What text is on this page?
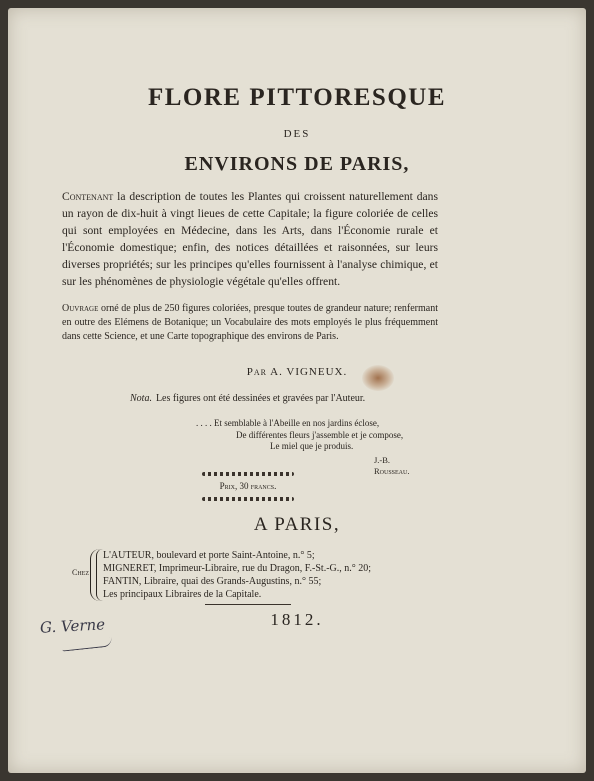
FLORE PITTORESQUE
DES
ENVIRONS DE PARIS,
Contenant la description de toutes les Plantes qui croissent naturellement dans un rayon de dix-huit à vingt lieues de cette Capitale; la figure coloriée de celles qui sont employées en Médecine, dans les Arts, dans l'Économie rurale et l'Économie domestique; enfin, des notices détaillées et raisonnées, sur leurs diverses propriétés; sur les principes qu'elles fournissent à l'analyse chimique, et sur les phénomènes de physiologie végétale qu'elles offrent.
Ouvrage orné de plus de 250 figures coloriées, presque toutes de grandeur nature; renfermant en outre des Elémens de Botanique; un Vocabulaire des mots employés le plus fréquemment dans cette Science, et une Carte topographique des environs de Paris.
Par A. VIGNEUX.
Nota. Les figures ont été dessinées et gravées par l'Auteur.
. . . . Et semblable à l'Abeille en nos jardins éclose,
De différentes fleurs j'assemble et je compose,
Le miel que je produis.
J.-B. Rousseau.
Prix, 30 francs.
A PARIS,
Chez
L'AUTEUR, boulevard et porte Saint-Antoine, n.° 5;
MIGNERET, Imprimeur-Libraire, rue du Dragon, F.-St.-G., n.° 20;
FANTIN, Libraire, quai des Grands-Augustins, n.° 55;
Les principaux Libraires de la Capitale.
1812.
G. Verne
